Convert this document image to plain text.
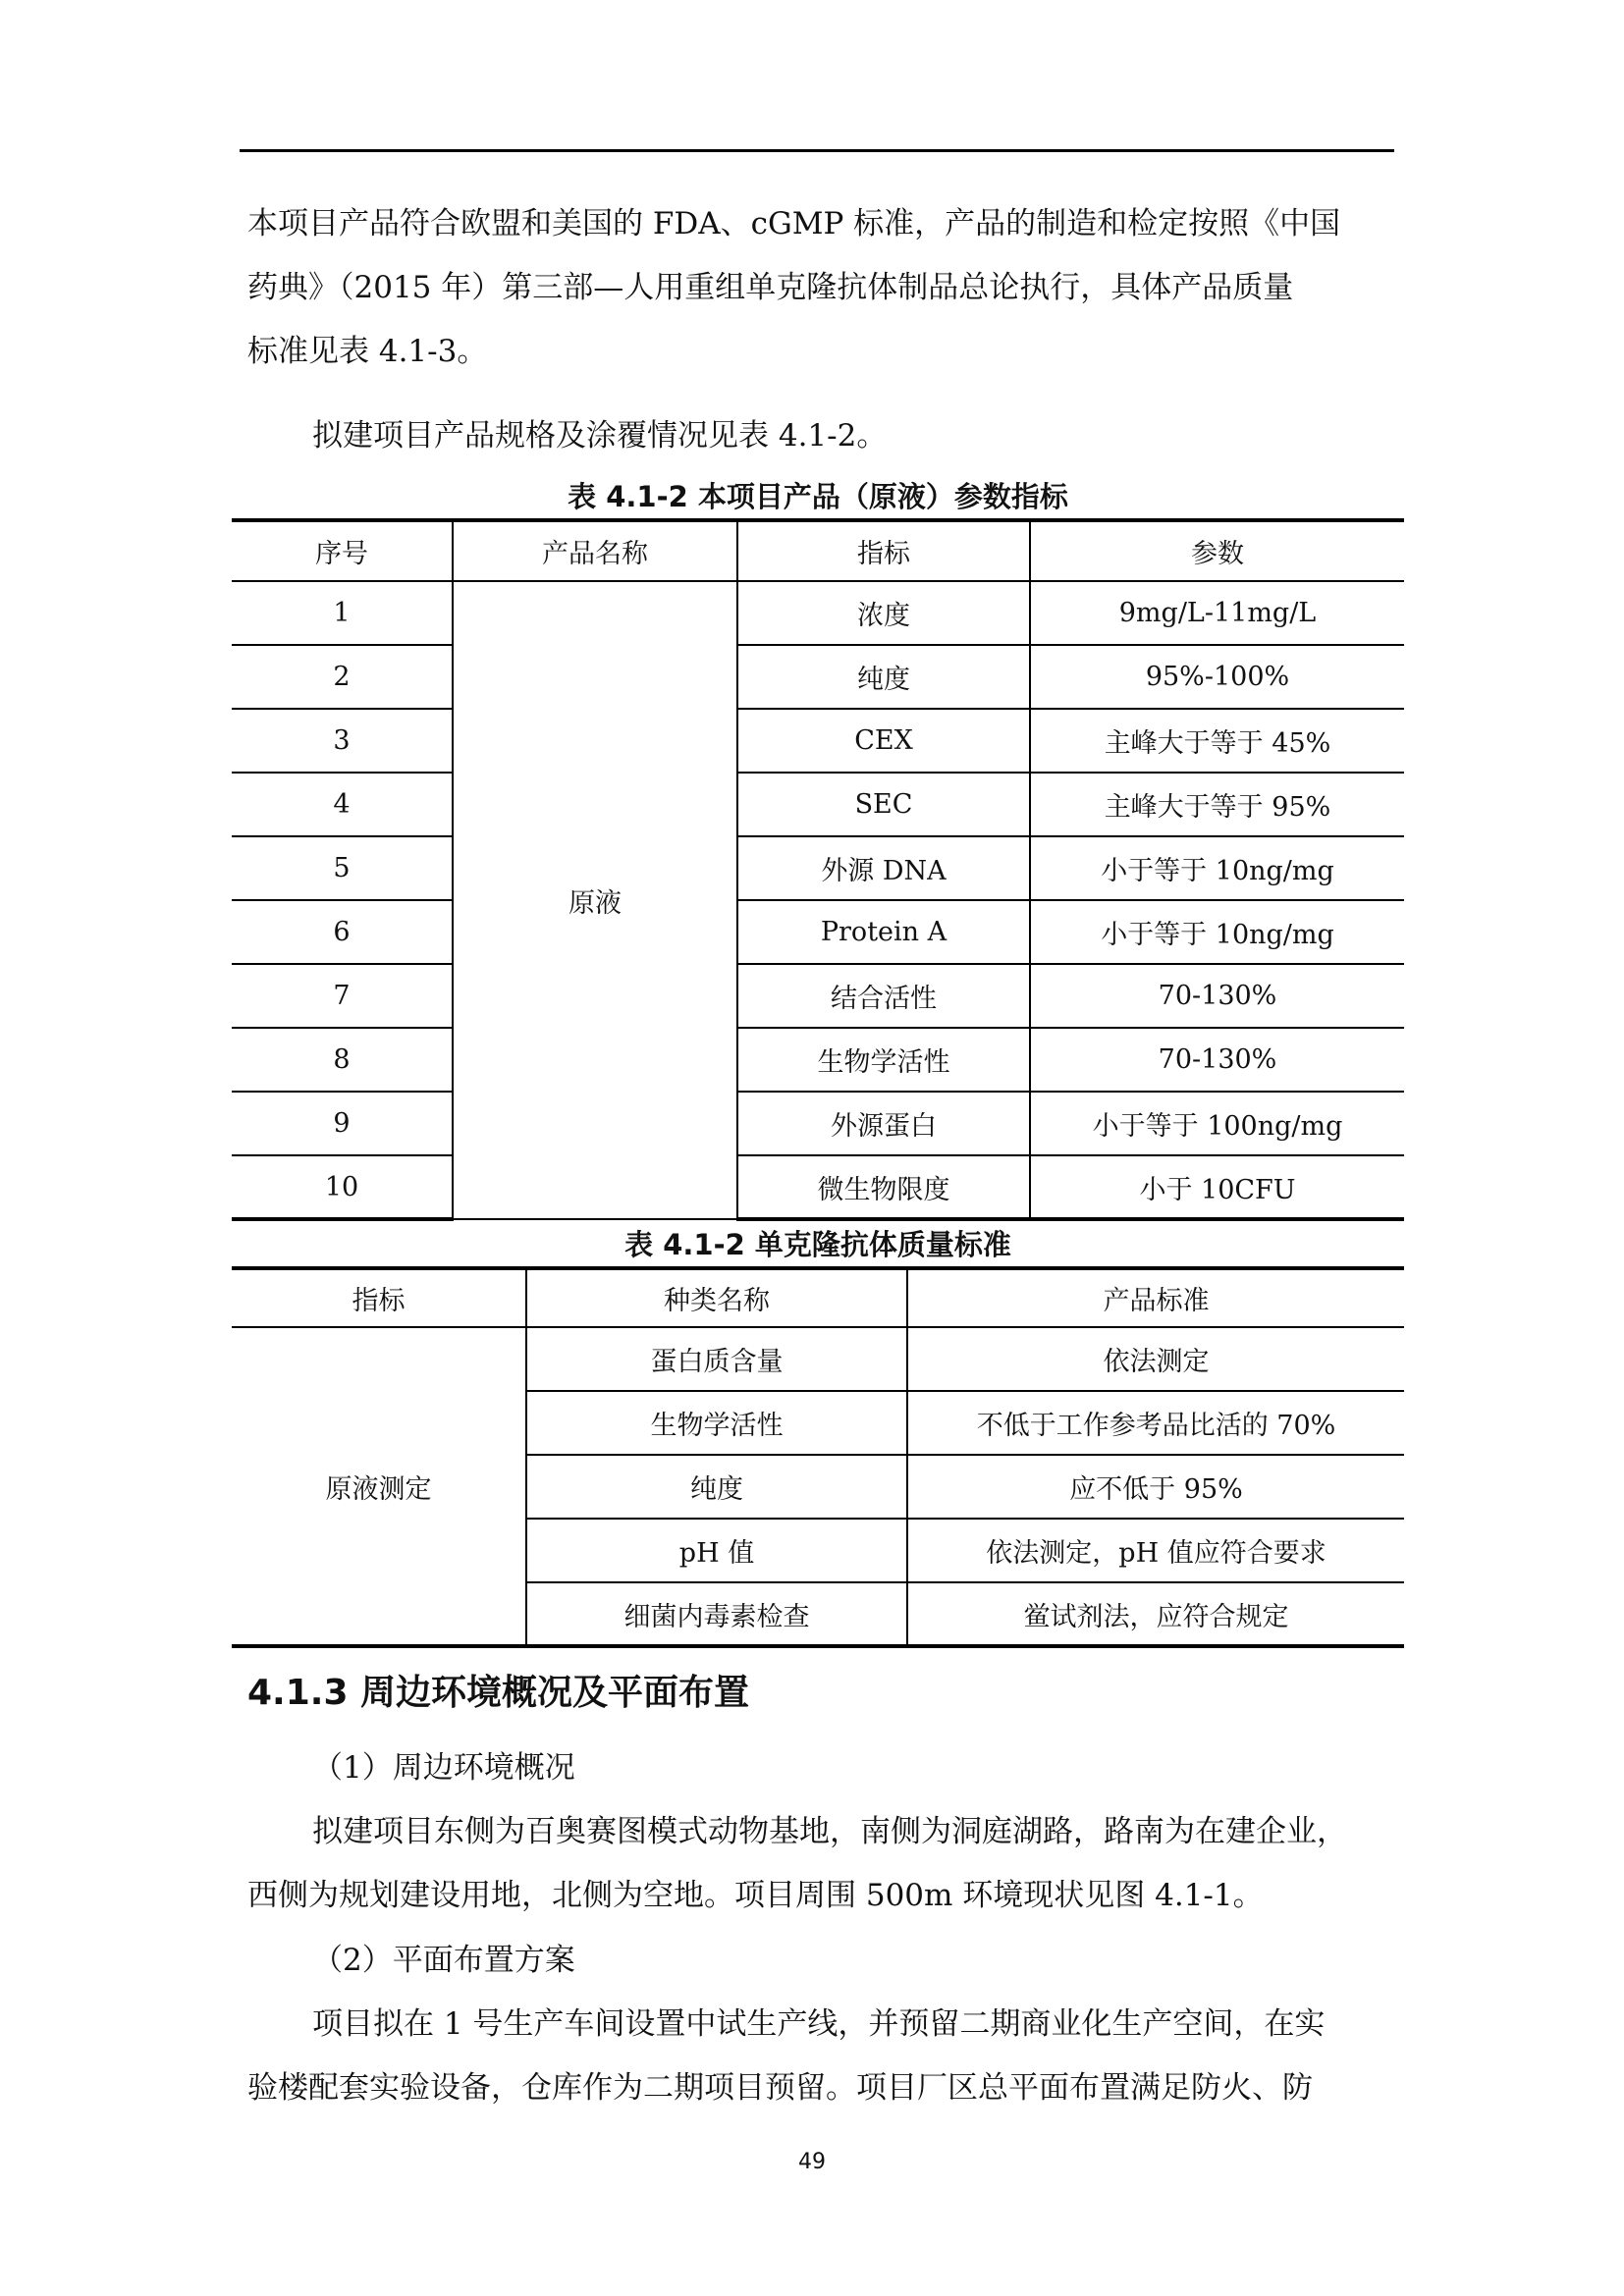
本项目产品符合欧盟和美国的 FDA、cGMP 标准，产品的制造和检定按照《中国
药典》（2015 年）第三部—人用重组单克隆抗体制品总论执行，具体产品质量
标准见表 4.1-3。

拟建项目产品规格及涂覆情况见表 4.1-2。

表 4.1-2 本项目产品（原液）参数指标

序号	产品名称	指标	参数
1	原液	浓度	9mg/L-11mg/L
2		纯度	95%-100%
3		CEX	主峰大于等于 45%
4		SEC	主峰大于等于 95%
5		外源 DNA	小于等于 10ng/mg
6		Protein A	小于等于 10ng/mg
7		结合活性	70-130%
8		生物学活性	70-130%
9		外源蛋白	小于等于 100ng/mg
10		微生物限度	小于 10CFU

表 4.1-2 单克隆抗体质量标准

指标	种类名称	产品标准
原液测定	蛋白质含量	依法测定
	生物学活性	不低于工作参考品比活的 70%
	纯度	应不低于 95%
	pH 值	依法测定，pH 值应符合要求
	细菌内毒素检查	鲎试剂法，应符合规定
4.1.3 周边环境概况及平面布置

（1）周边环境概况

拟建项目东侧为百奥赛图模式动物基地，南侧为洞庭湖路，路南为在建企业，
西侧为规划建设用地，北侧为空地。项目周围 500m 环境现状见图 4.1-1。

（2）平面布置方案

项目拟在 1 号生产车间设置中试生产线，并预留二期商业化生产空间，在实
验楼配套实验设备，仓库作为二期项目预留。项目厂区总平面布置满足防火、防

49
